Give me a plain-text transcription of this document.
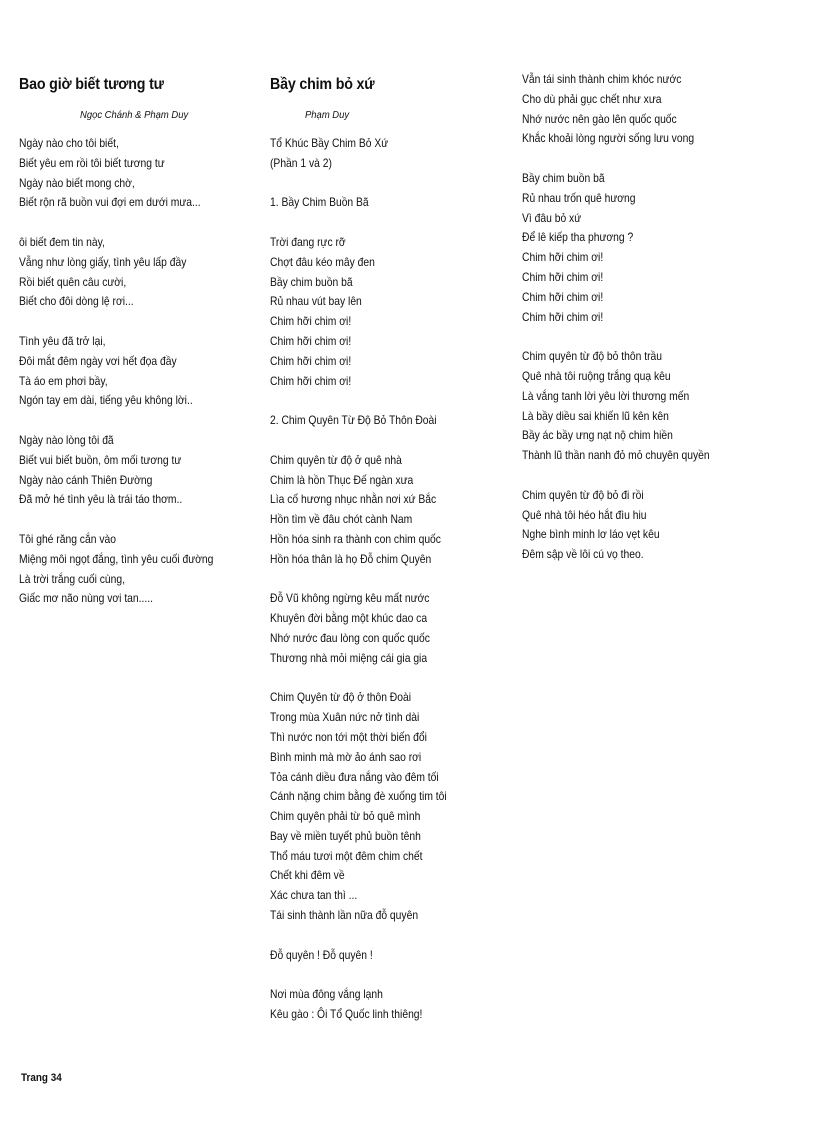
Bao giờ biết tương tư
Ngọc Chánh & Phạm Duy
Ngày nào cho tôi biết,
Biết yêu em rồi tôi biết tương tư
Ngày nào biết mong chờ,
Biết rộn rã buồn vui đợi em dưới mưa...
ôi biết đem tin này,
Vẫng như lòng giấy, tình yêu lấp đầy
Rồi biết quên câu cười,
Biết cho đôi dòng lệ rơi...
Tình yêu đã trở lại,
Đôi mắt đêm ngày vơi hết đọa đầy
Tà áo em phơi bầy,
Ngón tay em dài, tiếng yêu không lời..
Ngày nào lòng tôi đã
Biết vui biết buồn, ôm mối tương tư
Ngày nào cánh Thiên Đường
Đã mở hé tình yêu là trái táo thơm..
Tôi ghé răng cắn vào
Miệng môi ngọt đắng, tình yêu cuối đường
Là trời trắng cuối cùng,
Giấc mơ não nùng vơi tan.....
Bầy chim bỏ xứ
Phạm Duy
Tổ Khúc Bầy Chim Bỏ Xứ
(Phần 1 và 2)
1. Bầy Chim Buồn Bã
Trời đang rực rỡ
Chợt đâu kéo mây đen
Bầy chim buồn bã
Rủ nhau vút bay lên
Chim hỡi chim ơi!
Chim hỡi chim ơi!
Chim hỡi chim ơi!
Chim hỡi chim ơi!
2. Chim Quyên Từ Độ Bỏ Thôn Đoài
Chim quyên từ độ ở quê nhà
Chim là hồn Thục Đế ngàn xưa
Lìa cố hương nhục nhằn nơi xứ Bắc
Hồn tìm về đâu chót cành Nam
Hồn hóa sinh ra thành con chim quốc
Hồn hóa thân là họ Đỗ chim Quyên
Đỗ Vũ không ngừng kêu mất nước
Khuyên đời bằng một khúc dao ca
Nhớ nước đau lòng con quốc quốc
Thương nhà mỏi miệng cái gia gia
Chim Quyên từ độ ở thôn Đoài
Trong mùa Xuân nức nở tình dài
Thì nước non tới một thời biến đổi
Bình minh mà mờ ảo ánh sao rơi
Tỏa cánh diều đưa nắng vào đêm tối
Cánh nặng chim bằng đè xuống tim tôi
Chim quyên phải từ bỏ quê mình
Bay về miền tuyết phủ buồn tênh
Thổ máu tươi một đêm chim chết
Chết khi đêm về
Xác chưa tan thì ...
Tái sinh thành lần nữa đỗ quyên
Đỗ quyên ! Đỗ quyên !
Nơi mùa đông vắng lạnh
Kêu gào : Ôi Tổ Quốc linh thiêng!
Vẫn tái sinh thành chim khóc nước
Cho dù phải gục chết như xưa
Nhớ nước nên gào lên quốc quốc
Khắc khoải lòng người sống lưu vong
Bầy chim buồn bã
Rủ nhau trốn quê hương
Vì đâu bỏ xứ
Để lê kiếp tha phương ?
Chim hỡi chim ơi!
Chim hỡi chim ơi!
Chim hỡi chim ơi!
Chim hỡi chim ơi!
Chim quyên từ độ bỏ thôn trầu
Quê nhà tôi ruộng trắng quạ kêu
Là vắng tanh lời yêu lời thương mến
Là bầy diều sai khiến lũ kên kên
Bầy ác bầy ưng nạt nộ chim hiền
Thành lũ thần nanh đỏ mỏ chuyên quyền
Chim quyên từ độ bỏ đi rồi
Quê nhà tôi héo hắt đìu hiu
Nghe bình minh lơ láo vẹt kêu
Đêm sập về lôi cú vọ theo.
Trang 34
